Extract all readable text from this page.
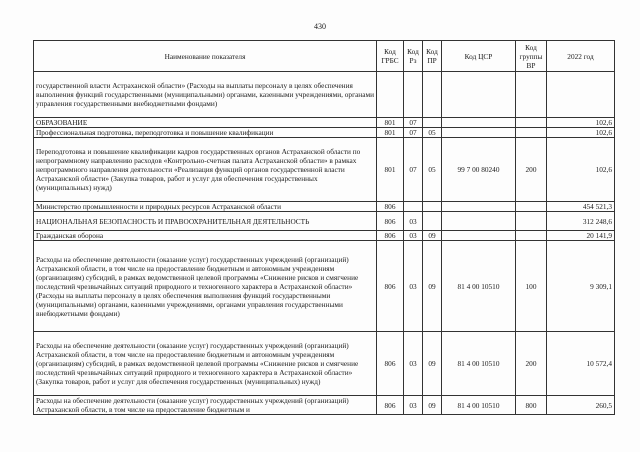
430
Наименование показателя	Код ГРБС	Код Рз	Код ПР	Код ЦСР	Код группы ВР	2022 год
государственной власти Астраханской области» (Расходы на выплаты персоналу в целях обеспечения выполнения функций государственными (муниципальными) органами, казенными учреждениями, органами управления государственными внебюджетными фондами)						
ОБРАЗОВАНИЕ	801	07				102,6
Профессиональная подготовка, переподготовка и повышение квалификации	801	07	05			102,6
Переподготовка и повышение квалификации кадров государственных органов Астраханской области по непрограммному направлению расходов «Контрольно-счетная палата Астраханской области» в рамках непрограммного направления деятельности «Реализация функций органов государственной власти Астраханской области» (Закупка товаров, работ и услуг для обеспечения государственных (муниципальных) нужд)	801	07	05	99 7 00 80240	200	102,6
Министерство промышленности и природных ресурсов Астраханской области	806					454 521,3
НАЦИОНАЛЬНАЯ БЕЗОПАСНОСТЬ И ПРАВООХРАНИТЕЛЬНАЯ ДЕЯТЕЛЬНОСТЬ	806	03				312 248,6
Гражданская оборона	806	03	09			20 141,9
Расходы на обеспечение деятельности (оказание услуг) государственных учреждений (организаций) Астраханской области, в том числе на предоставление бюджетным и автономным учреждениям (организациям) субсидий, в рамках ведомственной целевой программы «Снижение рисков и смягчение последствий чрезвычайных ситуаций природного и техногенного характера в Астраханской области» (Расходы на выплаты персоналу в целях обеспечения выполнения функций государственными (муниципальными) органами, казенными учреждениями, органами управления государственными внебюджетными фондами)	806	03	09	81 4 00 10510	100	9 309,1
Расходы на обеспечение деятельности (оказание услуг) государственных учреждений (организаций) Астраханской области, в том числе на предоставление бюджетным и автономным учреждениям (организациям) субсидий, в рамках ведомственной целевой программы «Снижение рисков и смягчение последствий чрезвычайных ситуаций природного и техногенного характера в Астраханской области» (Закупка товаров, работ и услуг для обеспечения государственных (муниципальных) нужд)	806	03	09	81 4 00 10510	200	10 572,4
Расходы на обеспечение деятельности (оказание услуг) государственных учреждений (организаций) Астраханской области, в том числе на предоставление бюджетным и	806	03	09	81 4 00 10510	800	260,5
